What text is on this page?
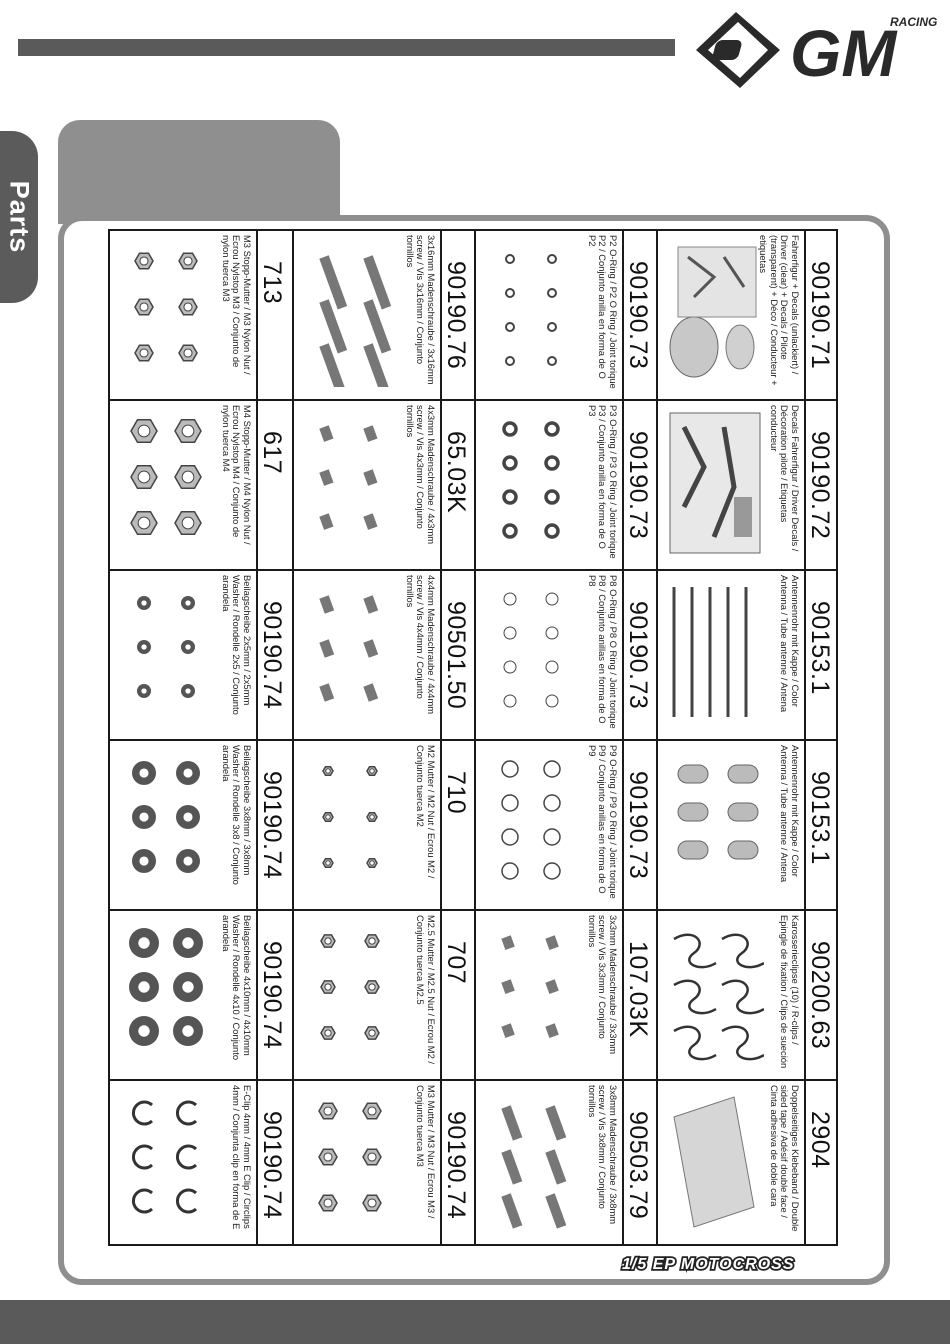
GM
RACING
Parts
90190.71
Fahrerfigur + Decals (unlackiert) / Driver (clear) + Decals / Pilote (transparent) + Déco / Conducteur + etiquetas
90190.72
Decals Fahrerfigur / Driver Decals / Décoration pilote / Etiquetas conducteur
90153.1
Antennenrohr mit Kappe / Color Antenna / Tube antenne / Antena
90153.1
Antennenrohr mit Kappe / Color Antenna / Tube antenne / Antena
90200.63
Karosserieclipse (10) / R-clips / Epingle de fixation / Clips de sueción
2904
Doppelseitiges Klebeband / Double sided tape / Adésif double face / Cinta adhesiva de doble cara
90190.73
P2 O-Ring / P2 O Ring / Joint torique P2 / Conjunto anilla en forma de O P2
90190.73
P3 O-Ring / P3 O Ring / Joint torique P3 / Conjunto anilla en forma de O P3
90190.73
P8 O-Ring / P8 O Ring / Joint torique P8 / Conjunto anillas en forma de O P8
90190.73
P9 O-Ring / P9 O Ring / Joint torique P9 / Conjunto anillas en forma de O P9
107.03K
3x3mm Madenschraube / 3x3mm screw / Vis 3x3mm / Conjunto tornillos
90503.79
3x8mm Madenschraube / 3x8mm screw / Vis 3x8mm / Conjunto tornillos
90190.76
3x16mm Madenschraube / 3x16mm screw / Vis 3x16mm / Conjunto tornillos
65.03K
4x3mm Madenschraube / 4x3mm screw / Vis 4x3mm / Conjunto tornillos
90501.50
4x4mm Madenschraube / 4x4mm screw / Vis 4x4mm / Conjunto tornillos
710
M2 Mutter / M2 Nut / Ecrou M2 / Conjunto tuerca M2
707
M2.5 Mutter / M2.5 Nut / Ecrou M2 / Conjunto tuerca M2.5
90190.74
M3 Mutter / M3 Nut / Ecrou M3 / Conjunto tuerca M3
713
M3 Stopp-Mutter / M3 Nylon Nut / Ecrou Nylstop M3 / Conjunto de nylon tuerca M3
617
M4 Stopp-Mutter / M4 Nylon Nut / Ecrou Nylstop M4 / Conjunto de nylon tuerca M4
90190.74
Beilagscheibe 2x5mm / 2x5mm Washer / Rondelle 2x5 / Conjunto arandela
90190.74
Beilagscheibe 3x8mm / 3x8mm Washer / Rondelle 3x8 / Conjunto arandela
90190.74
Beilagscheibe 4x10mm / 4x10mm Washer / Rondelle 4x10 / Conjunto arandela
90190.74
E-Clip 4mm / 4mm E Clip / Circlips 4mm / Conjunta clip en forma de E
1/5 EP MOTOCROSS
